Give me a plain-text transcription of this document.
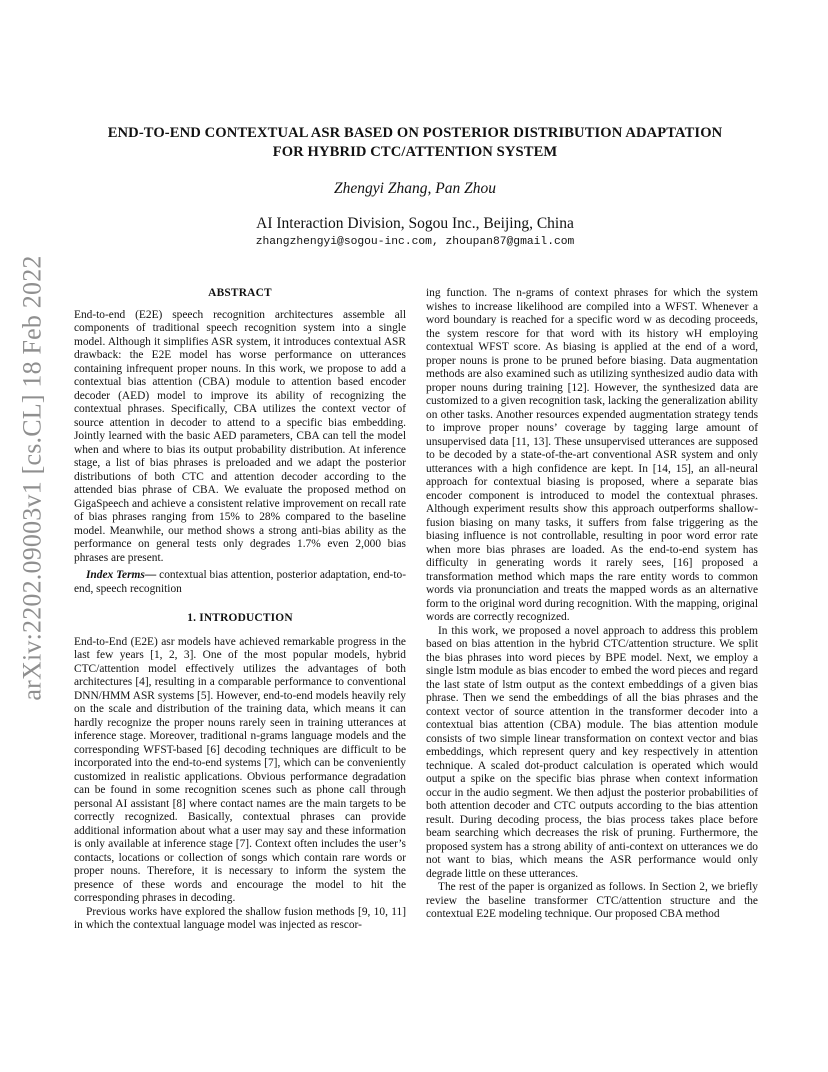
arXiv:2202.09003v1 [cs.CL] 18 Feb 2022
END-TO-END CONTEXTUAL ASR BASED ON POSTERIOR DISTRIBUTION ADAPTATION
FOR HYBRID CTC/ATTENTION SYSTEM
Zhengyi Zhang, Pan Zhou
AI Interaction Division, Sogou Inc., Beijing, China
zhangzhengyi@sogou-inc.com, zhoupan87@gmail.com
ABSTRACT

End-to-end (E2E) speech recognition architectures assemble all components of traditional speech recognition system into a single model. Although it simplifies ASR system, it introduces contextual ASR drawback: the E2E model has worse performance on utterances containing infrequent proper nouns. In this work, we propose to add a contextual bias attention (CBA) module to attention based encoder decoder (AED) model to improve its ability of recognizing the contextual phrases. Specifically, CBA utilizes the context vector of source attention in decoder to attend to a specific bias embedding. Jointly learned with the basic AED parameters, CBA can tell the model when and where to bias its output probability distribution. At inference stage, a list of bias phrases is preloaded and we adapt the posterior distributions of both CTC and attention decoder according to the attended bias phrase of CBA. We evaluate the proposed method on GigaSpeech and achieve a consistent relative improvement on recall rate of bias phrases ranging from 15% to 28% compared to the baseline model. Meanwhile, our method shows a strong anti-bias ability as the performance on general tests only degrades 1.7% even 2,000 bias phrases are present.

Index Terms— contextual bias attention, posterior adaptation, end-to-end, speech recognition

1. INTRODUCTION

End-to-End (E2E) asr models have achieved remarkable progress in the last few years [1, 2, 3]. One of the most popular models, hybrid CTC/attention model effectively utilizes the advantages of both architectures [4], resulting in a comparable performance to conventional DNN/HMM ASR systems [5]. However, end-to-end models heavily rely on the scale and distribution of the training data, which means it can hardly recognize the proper nouns rarely seen in training utterances at inference stage. Moreover, traditional n-grams language models and the corresponding WFST-based [6] decoding techniques are difficult to be incorporated into the end-to-end systems [7], which can be conveniently customized in realistic applications. Obvious performance degradation can be found in some recognition scenes such as phone call through personal AI assistant [8] where contact names are the main targets to be correctly recognized. Basically, contextual phrases can provide additional information about what a user may say and these information is only available at inference stage [7]. Context often includes the user’s contacts, locations or collection of songs which contain rare words or proper nouns. Therefore, it is necessary to inform the system the presence of these words and encourage the model to hit the corresponding phrases in decoding.

Previous works have explored the shallow fusion methods [9, 10, 11] in which the contextual language model was injected as rescor-

ing function. The n-grams of context phrases for which the system wishes to increase likelihood are compiled into a WFST. Whenever a word boundary is reached for a specific word w as decoding proceeds, the system rescore for that word with its history wH employing contextual WFST score. As biasing is applied at the end of a word, proper nouns is prone to be pruned before biasing. Data augmentation methods are also examined such as utilizing synthesized audio data with proper nouns during training [12]. However, the synthesized data are customized to a given recognition task, lacking the generalization ability on other tasks. Another resources expended augmentation strategy tends to improve proper nouns’ coverage by tagging large amount of unsupervised data [11, 13]. These unsupervised utterances are supposed to be decoded by a state-of-the-art conventional ASR system and only utterances with a high confidence are kept. In [14, 15], an all-neural approach for contextual biasing is proposed, where a separate bias encoder component is introduced to model the contextual phrases. Although experiment results show this approach outperforms shallow-fusion biasing on many tasks, it suffers from false triggering as the biasing influence is not controllable, resulting in poor word error rate when more bias phrases are loaded. As the end-to-end system has difficulty in generating words it rarely sees, [16] proposed a transformation method which maps the rare entity words to common words via pronunciation and treats the mapped words as an alternative form to the original word during recognition. With the mapping, original words are correctly recognized.

In this work, we proposed a novel approach to address this problem based on bias attention in the hybrid CTC/attention structure. We split the bias phrases into word pieces by BPE model. Next, we employ a single lstm module as bias encoder to embed the word pieces and regard the last state of lstm output as the context embeddings of a given bias phrase. Then we send the embeddings of all the bias phrases and the context vector of source attention in the transformer decoder into a contextual bias attention (CBA) module. The bias attention module consists of two simple linear transformation on context vector and bias embeddings, which represent query and key respectively in attention technique. A scaled dot-product calculation is operated which would output a spike on the specific bias phrase when context information occur in the audio segment. We then adjust the posterior probabilities of both attention decoder and CTC outputs according to the bias attention result. During decoding process, the bias process takes place before beam searching which decreases the risk of pruning. Furthermore, the proposed system has a strong ability of anti-context on utterances we do not want to bias, which means the ASR performance would only degrade little on these utterances.

The rest of the paper is organized as follows. In Section 2, we briefly review the baseline transformer CTC/attention structure and the contextual E2E modeling technique. Our proposed CBA method
